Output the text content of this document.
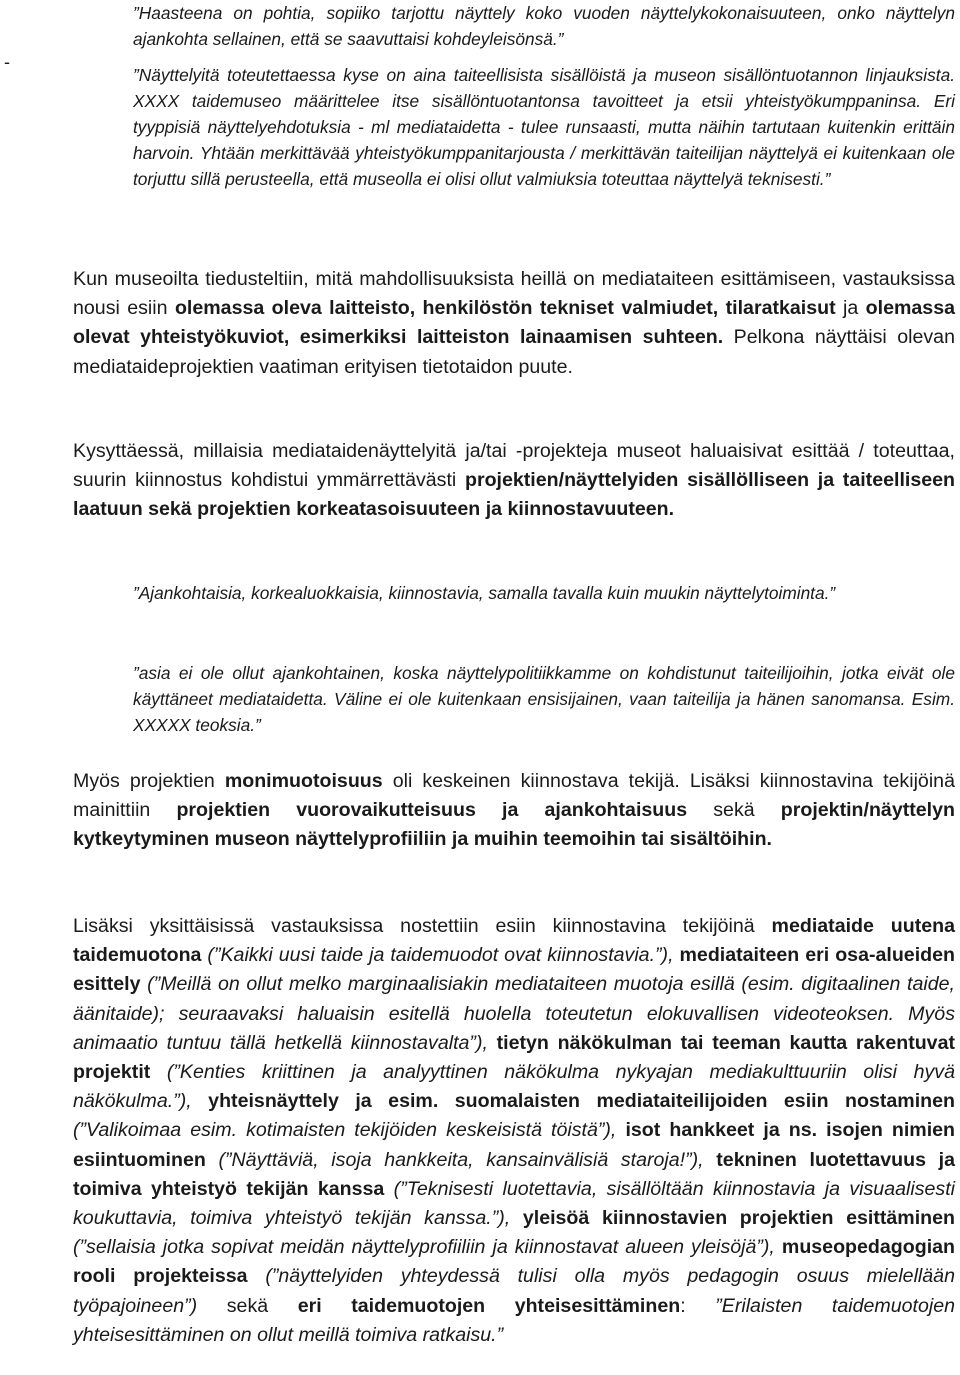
-
”Haasteena on pohtia, sopiiko tarjottu näyttely koko vuoden näyttelykokonaisuuteen, onko näyttelyn ajankohta sellainen, että se saavuttaisi kohdeyleisönsä.”
”Näyttelyitä toteutettaessa kyse on aina taiteellisista sisällöistä ja museon sisällöntuotannon linjauksista. XXXX taidemuseo määrittelee itse sisällöntuotantonsa tavoitteet ja etsii yhteistyökumppaninsa. Eri tyyppisiä näyttelyehdotuksia - ml mediataidetta - tulee runsaasti, mutta näihin tartutaan kuitenkin erittäin harvoin. Yhtään merkittävää yhteistyökumppanitarjousta / merkittävän taiteilijan näyttelyä ei kuitenkaan ole torjuttu sillä perusteella, että museolla ei olisi ollut valmiuksia toteuttaa näyttelyä teknisesti.”
Kun museoilta tiedusteltiin, mitä mahdollisuuksista heillä on mediataiteen esittämiseen, vastauksissa nousi esiin olemassa oleva laitteisto, henkilöstön tekniset valmiudet, tilaratkaisut ja olemassa olevat yhteistyökuviot, esimerkiksi laitteiston lainaamisen suhteen. Pelkona näyttäisi olevan mediataideprojektien vaatiman erityisen tietotaidon puute.
Kysyttäessä, millaisia mediataidenäyttelyitä ja/tai -projekteja museot haluaisivat esittää / toteuttaa, suurin kiinnostus kohdistui ymmärrettävästi projektien/näyttelyiden sisällölliseen ja taiteelliseen laatuun sekä projektien korkeatasoisuuteen ja kiinnostavuuteen.
”Ajankohtaisia, korkealuokkaisia, kiinnostavia, samalla tavalla kuin muukin näyttelytoiminta.”
”asia ei ole ollut ajankohtainen, koska näyttelypolitiikkamme on kohdistunut taiteilijoihin, jotka eivät ole käyttäneet mediataidetta. Väline ei ole kuitenkaan ensisijainen, vaan taiteilija ja hänen sanomansa. Esim. XXXXX teoksia.”
Myös projektien monimuotoisuus oli keskeinen kiinnostava tekijä. Lisäksi kiinnostavina tekijöinä mainittiin projektien vuorovaikutteisuus ja ajankohtaisuus sekä projektin/näyttelyn kytkeytyminen museon näyttelyprofiiliin ja muihin teemoihin tai sisältöihin.
Lisäksi yksittäisissä vastauksissa nostettiin esiin kiinnostavina tekijöinä mediataide uutena taidemuotona (”Kaikki uusi taide ja taidemuodot ovat kiinnostavia.”), mediataiteen eri osa-alueiden esittely (”Meillä on ollut melko marginaalisiakin mediataiteen muotoja esillä (esim. digitaalinen taide, äänitaide); seuraavaksi haluaisin esitellä huolella toteutetun elokuvallisen videoteoksen. Myös animaatio tuntuu tällä hetkellä kiinnostavalta”), tietyn näkökulman tai teeman kautta rakentuvat projektit (”Kenties kriittinen ja analyyttinen näkökulma nykyajan mediakulttuuriin olisi hyvä näkökulma.”), yhteisnäyttely ja esim. suomalaisten mediataiteilijoiden esiin nostaminen (”Valikoimaa esim. kotimaisten tekijöiden keskeisistä töistä”), isot hankkeet ja ns. isojen nimien esiintuominen (”Näyttäviä, isoja hankkeita, kansainvälisiä staroja!”), tekninen luotettavuus ja toimiva yhteistyö tekijän kanssa (”Teknisesti luotettavia, sisällöltään kiinnostavia ja visuaalisesti koukuttavia, toimiva yhteistyö tekijän kanssa.”), yleisöä kiinnostavien projektien esittäminen (”sellaisia jotka sopivat meidän näyttelyprofiiliin ja kiinnostavat alueen yleisöjä”), museopedagogian rooli projekteissa (”näyttelyiden yhteydessä tulisi olla myös pedagogin osuus mielellään työpajoineen”) sekä eri taidemuotojen yhteisesittäminen: ”Erilaisten taidemuotojen yhteisesittäminen on ollut meillä toimiva ratkaisu.”
